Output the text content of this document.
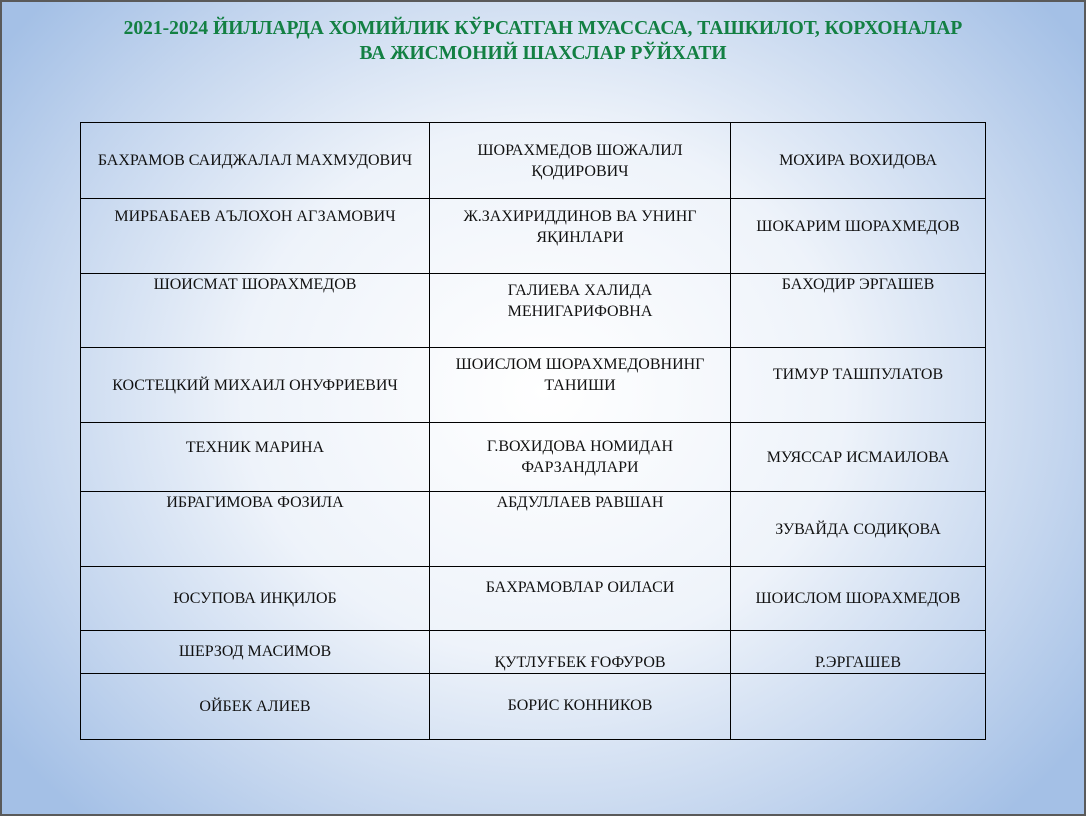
2021-2024 ЙИЛЛАРДА ХОМИЙЛИК КЎРСАТГАН МУАССАСА, ТАШКИЛОТ, КОРХОНАЛАР
ВА ЖИСМОНИЙ ШАХСЛАР РЎЙХАТИ
БАХРАМОВ САИДЖАЛАЛ МАХМУДОВИЧ	ШОРАХМЕДОВ ШОЖАЛИЛ ҚОДИРОВИЧ	МОХИРА ВОХИДОВА
МИРБАБАЕВ АЪЛОХОН АГЗАМОВИЧ	Ж.ЗАХИРИДДИНОВ ВА УНИНГ ЯҚИНЛАРИ	ШОКАРИМ ШОРАХМЕДОВ
ШОИСМАТ ШОРАХМЕДОВ	ГАЛИЕВА ХАЛИДА МЕНИГАРИФОВНА	БАХОДИР ЭРГАШЕВ
КОСТЕЦКИЙ МИХАИЛ ОНУФРИЕВИЧ	ШОИСЛОМ ШОРАХМЕДОВНИНГ ТАНИШИ	ТИМУР ТАШПУЛАТОВ
ТЕХНИК МАРИНА	Г.ВОХИДОВА НОМИДАН ФАРЗАНДЛАРИ	МУЯССАР ИСМАИЛОВА
ИБРАГИМОВА ФОЗИЛА	АБДУЛЛАЕВ РАВШАН	ЗУВАЙДА СОДИҚОВА
ЮСУПОВА ИНҚИЛОБ	БАХРАМОВЛАР ОИЛАСИ	ШОИСЛОМ ШОРАХМЕДОВ
ШЕРЗОД МАСИМОВ	ҚУТЛУҒБЕК ҒОФУРОВ	Р.ЭРГАШЕВ
ОЙБЕК АЛИЕВ	БОРИС КОННИКОВ	
